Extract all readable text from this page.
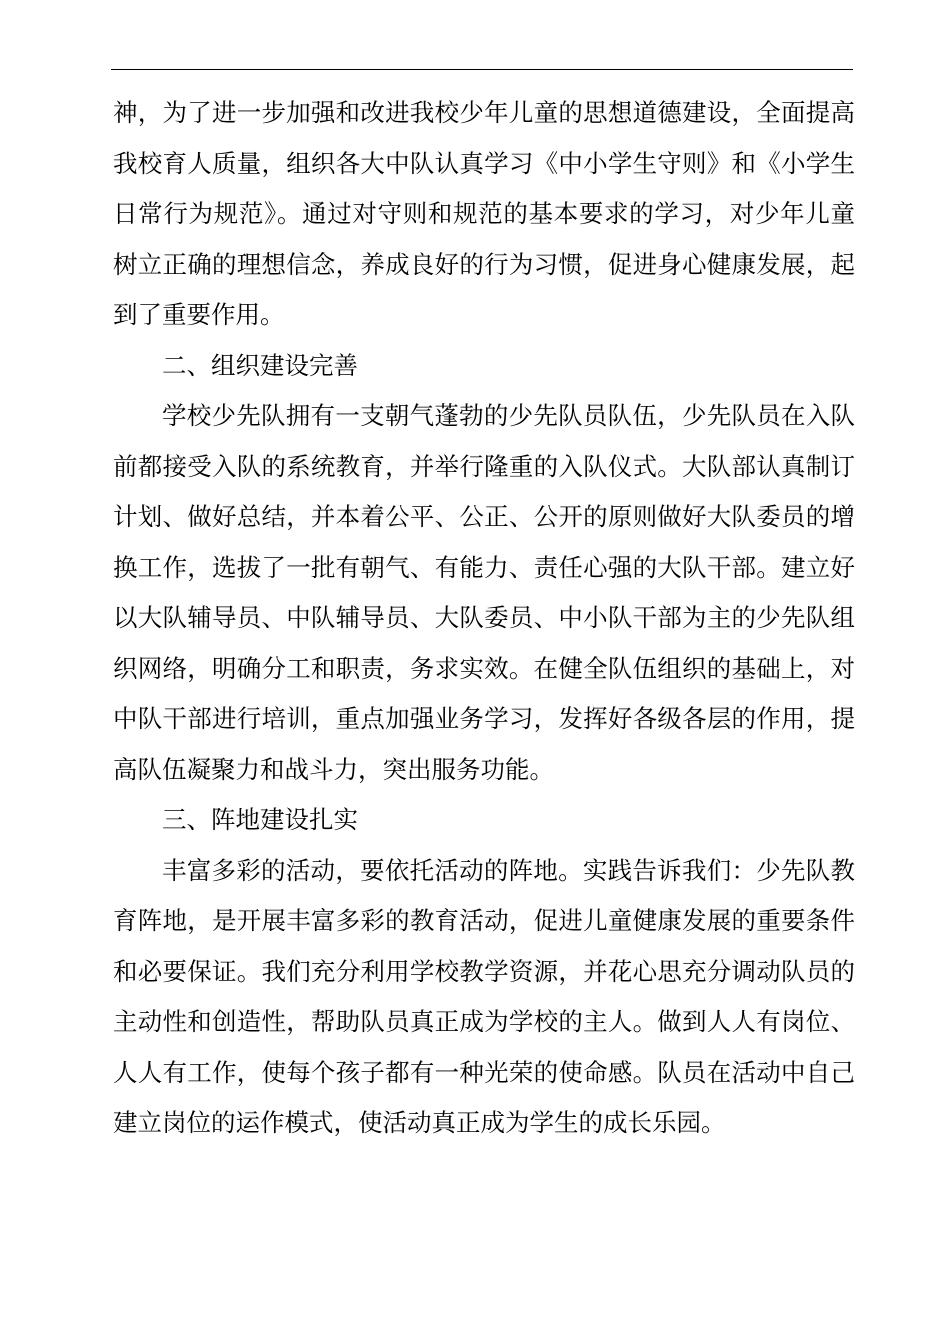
神，为了进一步加强和改进我校少年儿童的思想道德建设，全面提高我校育人质量，组织各大中队认真学习《中小学生守则》和《小学生日常行为规范》。通过对守则和规范的基本要求的学习，对少年儿童树立正确的理想信念，养成良好的行为习惯，促进身心健康发展，起到了重要作用。

二、组织建设完善

学校少先队拥有一支朝气蓬勃的少先队员队伍，少先队员在入队前都接受入队的系统教育，并举行隆重的入队仪式。大队部认真制订计划、做好总结，并本着公平、公正、公开的原则做好大队委员的增换工作，选拔了一批有朝气、有能力、责任心强的大队干部。建立好以大队辅导员、中队辅导员、大队委员、中小队干部为主的少先队组织网络，明确分工和职责，务求实效。在健全队伍组织的基础上，对中队干部进行培训，重点加强业务学习，发挥好各级各层的作用，提高队伍凝聚力和战斗力，突出服务功能。

三、阵地建设扎实

丰富多彩的活动，要依托活动的阵地。实践告诉我们：少先队教育阵地，是开展丰富多彩的教育活动，促进儿童健康发展的重要条件和必要保证。我们充分利用学校教学资源，并花心思充分调动队员的主动性和创造性，帮助队员真正成为学校的主人。做到人人有岗位、人人有工作，使每个孩子都有一种光荣的使命感。队员在活动中自己建立岗位的运作模式，使活动真正成为学生的成长乐园。
